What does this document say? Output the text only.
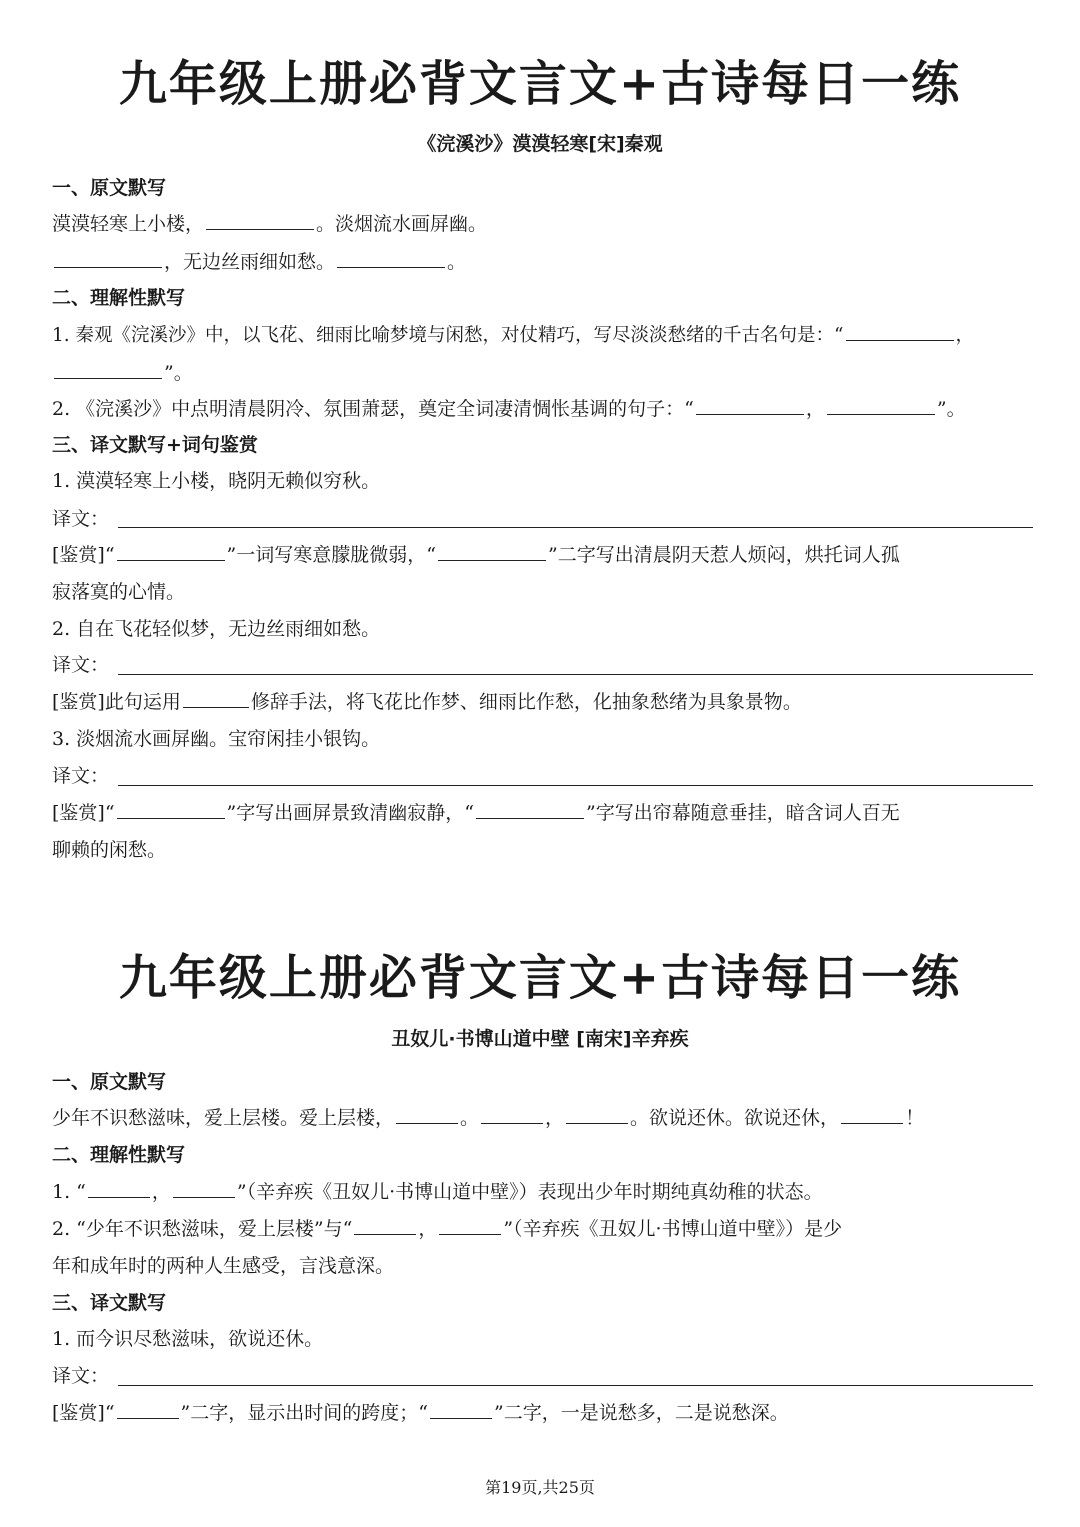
九年级上册必背文言文+古诗每日一练
《浣溪沙》漠漠轻寒[宋]秦观
一、原文默写
漠漠轻寒上小楼，	。淡烟流水画屏幽。
，无边丝雨细如愁。	。
二、理解性默写
1. 秦观《浣溪沙》中，以飞花、细雨比喻梦境与闲愁，对仗精巧，写尽淡淡愁绪的千古名句是：“	，
”。
2. 《浣溪沙》中点明清晨阴冷、氛围萧瑟，奠定全词凄清惆怅基调的句子：“	，	”。
三、译文默写+词句鉴赏
1. 漠漠轻寒上小楼，晓阴无赖似穷秋。
译文：
[鉴赏]“	”一词写寒意朦胧微弱，“	”二字写出清晨阴天惹人烦闷，烘托词人孤
寂落寞的心情。
2. 自在飞花轻似梦，无边丝雨细如愁。
译文：
[鉴赏]此句运用	修辞手法，将飞花比作梦、细雨比作愁，化抽象愁绪为具象景物。
3. 淡烟流水画屏幽。宝帘闲挂小银钩。
译文：
[鉴赏]“	”字写出画屏景致清幽寂静，“	”字写出帘幕随意垂挂，暗含词人百无
聊赖的闲愁。
九年级上册必背文言文+古诗每日一练
丑奴儿·书博山道中壁 [南宋]辛弃疾
一、原文默写
少年不识愁滋味，爱上层楼。爱上层楼，	。	，	。欲说还休。欲说还休，	！
二、理解性默写
1. “	，	”（辛弃疾《丑奴儿·书博山道中壁》）表现出少年时期纯真幼稚的状态。
2. “少年不识愁滋味，爱上层楼”与“	，	”（辛弃疾《丑奴儿·书博山道中壁》）是少
年和成年时的两种人生感受，言浅意深。
三、译文默写
1. 而今识尽愁滋味，欲说还休。
译文：
[鉴赏]“	”二字，显示出时间的跨度；“	”二字，一是说愁多，二是说愁深。
第19页,共25页
